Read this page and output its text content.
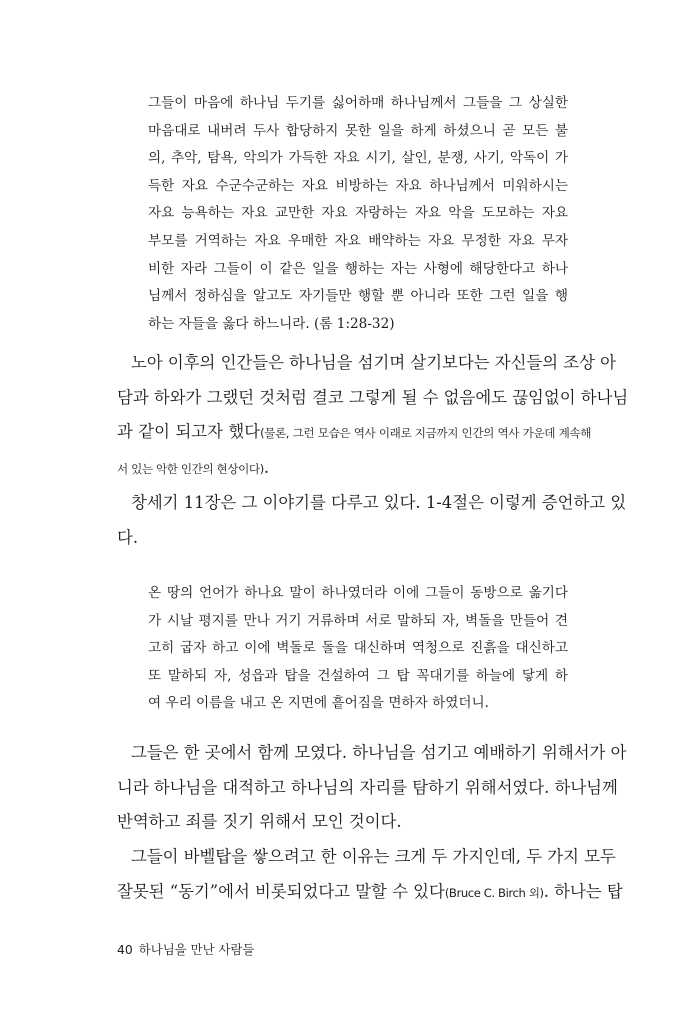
그들이 마음에 하나님 두기를 싫어하매 하나님께서 그들을 그 상실한
마음대로 내버려 두사 합당하지 못한 일을 하게 하셨으니 곧 모든 불
의, 추악, 탐욕, 악의가 가득한 자요 시기, 살인, 분쟁, 사기, 악독이 가
득한 자요 수군수군하는 자요 비방하는 자요 하나님께서 미워하시는
자요 능욕하는 자요 교만한 자요 자랑하는 자요 악을 도모하는 자요
부모를 거역하는 자요 우매한 자요 배약하는 자요 무정한 자요 무자
비한 자라 그들이 이 같은 일을 행하는 자는 사형에 해당한다고 하나
님께서 정하심을 알고도 자기들만 행할 뿐 아니라 또한 그런 일을 행
하는 자들을 옳다 하느니라. (롬 1:28-32)
노아 이후의 인간들은 하나님을 섬기며 살기보다는 자신들의 조상 아
담과 하와가 그랬던 것처럼 결코 그렇게 될 수 없음에도 끊임없이 하나님
과 같이 되고자 했다(물론, 그런 모습은 역사 이래로 지금까지 인간의 역사 가운데 계속해
서 있는 악한 인간의 현상이다).
창세기 11장은 그 이야기를 다루고 있다. 1-4절은 이렇게 증언하고 있
다.
온 땅의 언어가 하나요 말이 하나였더라 이에 그들이 동방으로 옮기다
가 시날 평지를 만나 거기 거류하며 서로 말하되 자, 벽돌을 만들어 견
고히 굽자 하고 이에 벽돌로 돌을 대신하며 역청으로 진흙을 대신하고
또 말하되 자, 성읍과 탑을 건설하여 그 탑 꼭대기를 하늘에 닿게 하
여 우리 이름을 내고 온 지면에 흩어짐을 면하자 하였더니.
그들은 한 곳에서 함께 모였다. 하나님을 섬기고 예배하기 위해서가 아
니라 하나님을 대적하고 하나님의 자리를 탐하기 위해서였다. 하나님께
반역하고 죄를 짓기 위해서 모인 것이다.
그들이 바벨탑을 쌓으려고 한 이유는 크게 두 가지인데, 두 가지 모두
잘못된 “동기”에서 비롯되었다고 말할 수 있다(Bruce C. Birch 외). 하나는 탑
40 하나님을 만난 사람들
